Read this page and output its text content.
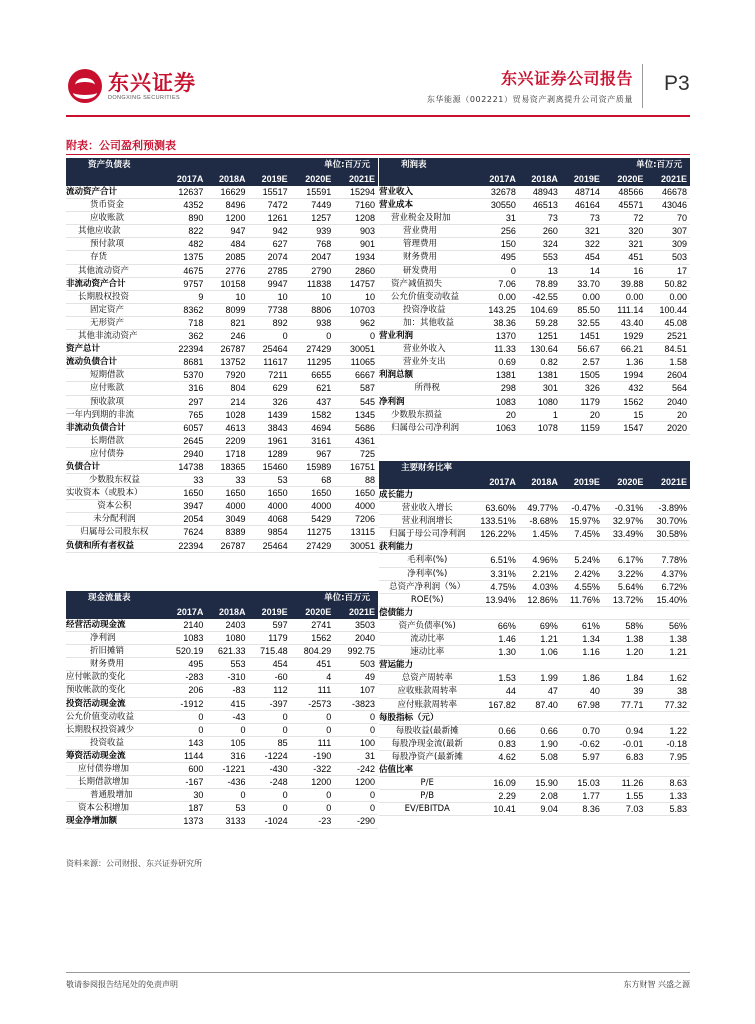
东兴证券
DONGXING SECURITIES
东兴证券公司报告
东华能源（002221）贸易资产剥离提升公司资产质量
P3
附表：公司盈利预测表
资产负债表			单位:百万元		
	2017A	2018A	2019E	2020E	2021E
流动资产合计	12637	16629	15517	15591	15294
货币资金	4352	8496	7472	7449	7160
应收账款	890	1200	1261	1257	1208
其他应收款	822	947	942	939	903
预付款项	482	484	627	768	901
存货	1375	2085	2074	2047	1934
其他流动资产	4675	2776	2785	2790	2860
非流动资产合计	9757	10158	9947	11838	14757
长期股权投资	9	10	10	10	10
固定资产	8362	8099	7738	8806	10703
无形资产	718	821	892	938	962
其他非流动资产	362	246	0	0	0
资产总计	22394	26787	25464	27429	30051
流动负债合计	8681	13752	11617	11295	11065
短期借款	5370	7920	7211	6655	6667
应付账款	316	804	629	621	587
预收款项	297	214	326	437	545
一年内到期的非流	765	1028	1439	1582	1345
非流动负债合计	6057	4613	3843	4694	5686
长期借款	2645	2209	1961	3161	4361
应付债券	2940	1718	1289	967	725
负债合计	14738	18365	15460	15989	16751
少数股东权益	33	33	53	68	88
实收资本（或股本）	1650	1650	1650	1650	1650
资本公积	3947	4000	4000	4000	4000
未分配利润	2054	3049	4068	5429	7206
归属母公司股东权	7624	8389	9854	11275	13115
负债和所有者权益	22394	26787	25464	27429	30051
利润表			单位:百万元		
	2017A	2018A	2019E	2020E	2021E
营业收入	32678	48943	48714	48566	46678
营业成本	30550	46513	46164	45571	43046
营业税金及附加	31	73	73	72	70
营业费用	256	260	321	320	307
管理费用	150	324	322	321	309
财务费用	495	553	454	451	503
研发费用	0	13	14	16	17
资产减值损失	7.06	78.89	33.70	39.88	50.82
公允价值变动收益	0.00	-42.55	0.00	0.00	0.00
投资净收益	143.25	104.69	85.50	111.14	100.44
加：其他收益	38.36	59.28	32.55	43.40	45.08
营业利润	1370	1251	1451	1929	2521
营业外收入	11.33	130.64	56.67	66.21	84.51
营业外支出	0.69	0.82	2.57	1.36	1.58
利润总额	1381	1381	1505	1994	2604
所得税	298	301	326	432	564
净利润	1083	1080	1179	1562	2040
少数股东损益	20	1	20	15	20
归属母公司净利润	1063	1078	1159	1547	2020
主要财务比率					
	2017A	2018A	2019E	2020E	2021E
成长能力					
营业收入增长	63.60%	49.77%	-0.47%	-0.31%	-3.89%
营业利润增长	133.51%	-8.68%	15.97%	32.97%	30.70%
归属于母公司净利润	126.22%	1.45%	7.45%	33.49%	30.58%
获利能力					
毛利率(%)	6.51%	4.96%	5.24%	6.17%	7.78%
净利率(%)	3.31%	2.21%	2.42%	3.22%	4.37%
总资产净利润（%）	4.75%	4.03%	4.55%	5.64%	6.72%
ROE(%)	13.94%	12.86%	11.76%	13.72%	15.40%
偿债能力					
资产负债率(%)	66%	69%	61%	58%	56%
流动比率	1.46	1.21	1.34	1.38	1.38
速动比率	1.30	1.06	1.16	1.20	1.21
营运能力					
总资产周转率	1.53	1.99	1.86	1.84	1.62
应收账款周转率	44	47	40	39	38
应付账款周转率	167.82	87.40	67.98	77.71	77.32
每股指标（元）					
每股收益(最新摊	0.66	0.66	0.70	0.94	1.22
每股净现金流(最新	0.83	1.90	-0.62	-0.01	-0.18
每股净资产(最新摊	4.62	5.08	5.97	6.83	7.95
估值比率					
P/E	16.09	15.90	15.03	11.26	8.63
P/B	2.29	2.08	1.77	1.55	1.33
EV/EBITDA	10.41	9.04	8.36	7.03	5.83
现金流量表			单位:百万元		
	2017A	2018A	2019E	2020E	2021E
经营活动现金流	2140	2403	597	2741	3503
净利润	1083	1080	1179	1562	2040
折旧摊销	520.19	621.33	715.48	804.29	992.75
财务费用	495	553	454	451	503
应付帐款的变化	-283	-310	-60	4	49
预收帐款的变化	206	-83	112	111	107
投资活动现金流	-1912	415	-397	-2573	-3823
公允价值变动收益	0	-43	0	0	0
长期股权投资减少	0	0	0	0	0
投资收益	143	105	85	111	100
筹资活动现金流	1144	316	-1224	-190	31
应付债券增加	600	-1221	-430	-322	-242
长期借款增加	-167	-436	-248	1200	1200
普通股增加	30	0	0	0	0
资本公积增加	187	53	0	0	0
现金净增加额	1373	3133	-1024	-23	-290
资料来源：公司财报、东兴证券研究所
敬请参阅报告结尾处的免责声明	东方财智 兴盛之源
